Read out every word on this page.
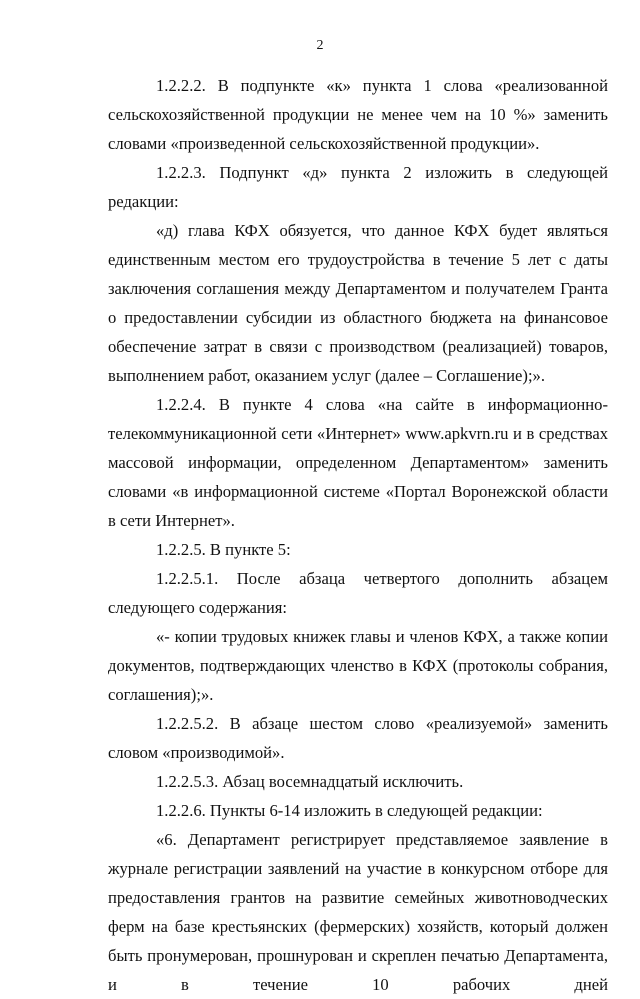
2

1.2.2.2. В подпункте «к» пункта 1 слова «реализованной сельскохозяйственной продукции не менее чем на 10 %» заменить словами «произведенной сельскохозяйственной продукции».

1.2.2.3. Подпункт «д» пункта 2 изложить в следующей редакции:

«д) глава КФХ обязуется, что данное КФХ будет являться единственным местом его трудоустройства в течение 5 лет с даты заключения соглашения между Департаментом и получателем Гранта о предоставлении субсидии из областного бюджета на финансовое обеспечение затрат в связи с производством (реализацией) товаров, выполнением работ, оказанием услуг (далее – Соглашение);».

1.2.2.4. В пункте 4 слова «на сайте в информационно-телекоммуникационной сети «Интернет» www.apkvrn.ru и в средствах массовой информации, определенном Департаментом» заменить словами «в информационной системе «Портал Воронежской области в сети Интернет».

1.2.2.5. В пункте 5:

1.2.2.5.1. После абзаца четвертого дополнить абзацем следующего содержания:

«- копии трудовых книжек главы и членов КФХ, а также копии документов, подтверждающих членство в КФХ (протоколы собрания, соглашения);».

1.2.2.5.2. В абзаце шестом слово «реализуемой» заменить словом «производимой».

1.2.2.5.3. Абзац восемнадцатый исключить.

1.2.2.6. Пункты 6-14 изложить в следующей редакции:

«6. Департамент регистрирует представляемое заявление в журнале регистрации заявлений на участие в конкурсном отборе для предоставления грантов на развитие семейных животноводческих ферм на базе крестьянских (фермерских) хозяйств, который должен быть пронумерован, прошнурован и скреплен печатью Департамента, и в течение 10 рабочих дней
